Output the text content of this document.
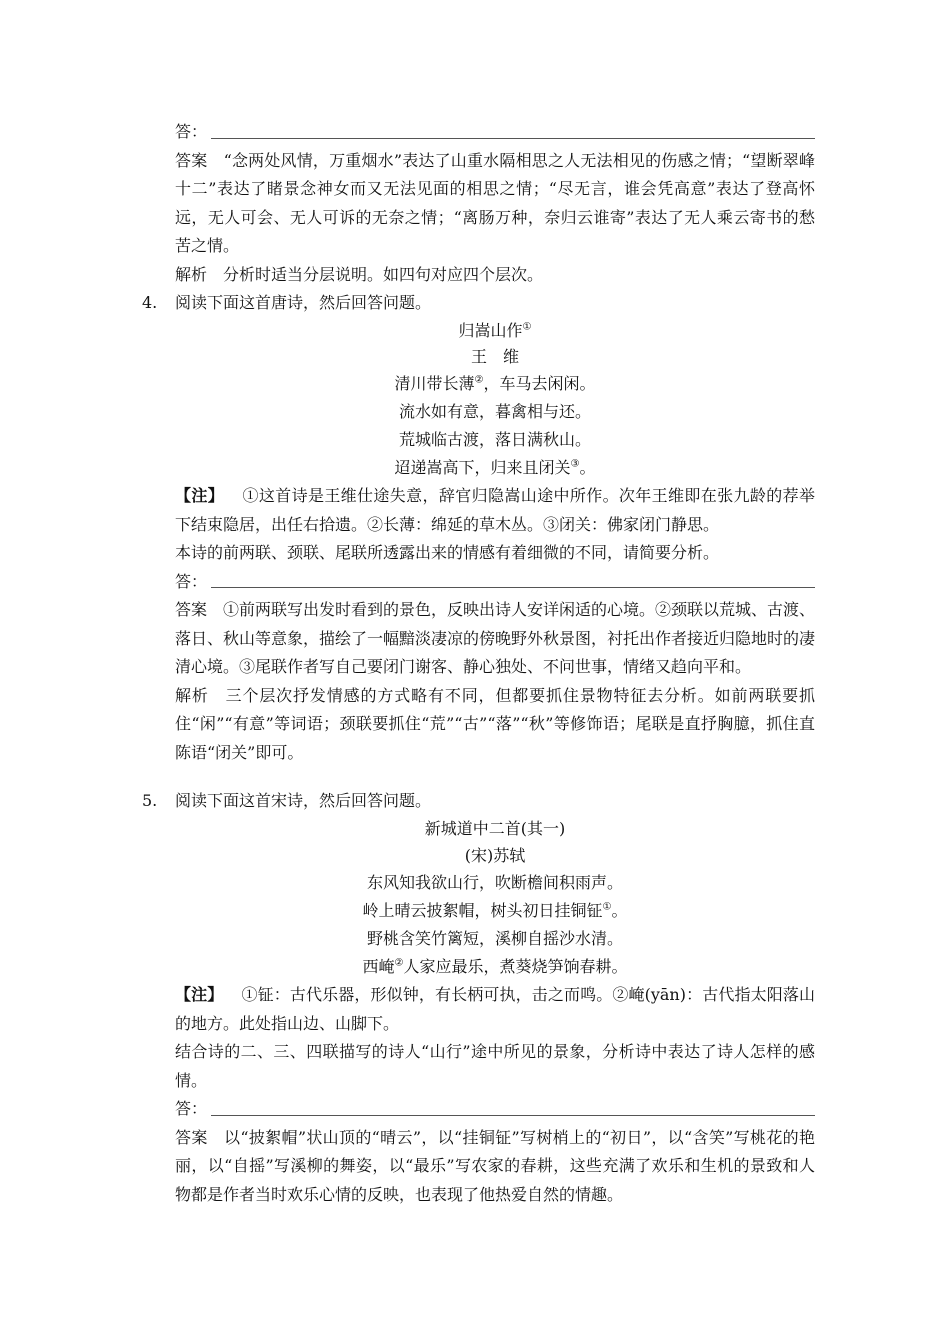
答：
答案　“念两处风情，万重烟水”表达了山重水隔相思之人无法相见的伤感之情；“望断翠峰十二”表达了睹景念神女而又无法见面的相思之情；“尽无言，谁会凭高意”表达了登高怀远，无人可会、无人可诉的无奈之情；“离肠万种，奈归云谁寄”表达了无人乘云寄书的愁苦之情。
解析　分析时适当分层说明。如四句对应四个层次。
4. 阅读下面这首唐诗，然后回答问题。
归嵩山作①
王　维
清川带长薄②，车马去闲闲。
流水如有意，暮禽相与还。
荒城临古渡，落日满秋山。
迢递嵩高下，归来且闭关③。
【注】 ①这首诗是王维仕途失意，辞官归隐嵩山途中所作。次年王维即在张九龄的荐举下结束隐居，出任右拾遗。②长薄：绵延的草木丛。③闭关：佛家闭门静思。
本诗的前两联、颈联、尾联所透露出来的情感有着细微的不同，请简要分析。
答：
答案　①前两联写出发时看到的景色，反映出诗人安详闲适的心境。②颈联以荒城、古渡、落日、秋山等意象，描绘了一幅黯淡凄凉的傍晚野外秋景图，衬托出作者接近归隐地时的凄清心境。③尾联作者写自己要闭门谢客、静心独处、不问世事，情绪又趋向平和。
解析　三个层次抒发情感的方式略有不同，但都要抓住景物特征去分析。如前两联要抓住“闲”“有意”等词语；颈联要抓住“荒”“古”“落”“秋”等修饰语；尾联是直抒胸臆，抓住直陈语“闭关”即可。
5. 阅读下面这首宋诗，然后回答问题。
新城道中二首(其一)
(宋)苏轼
东风知我欲山行，吹断檐间积雨声。
岭上晴云披絮帽，树头初日挂铜钲①。
野桃含笑竹篱短，溪柳自摇沙水清。
西崦②人家应最乐，煮葵烧笋饷春耕。
【注】 ①钲：古代乐器，形似钟，有长柄可执，击之而鸣。②崦(yān)：古代指太阳落山的地方。此处指山边、山脚下。
结合诗的二、三、四联描写的诗人“山行”途中所见的景象，分析诗中表达了诗人怎样的感情。
答：
答案　以“披絮帽”状山顶的“晴云”，以“挂铜钲”写树梢上的“初日”，以“含笑”写桃花的艳丽，以“自摇”写溪柳的舞姿，以“最乐”写农家的春耕，这些充满了欢乐和生机的景致和人物都是作者当时欢乐心情的反映，也表现了他热爱自然的情趣。
